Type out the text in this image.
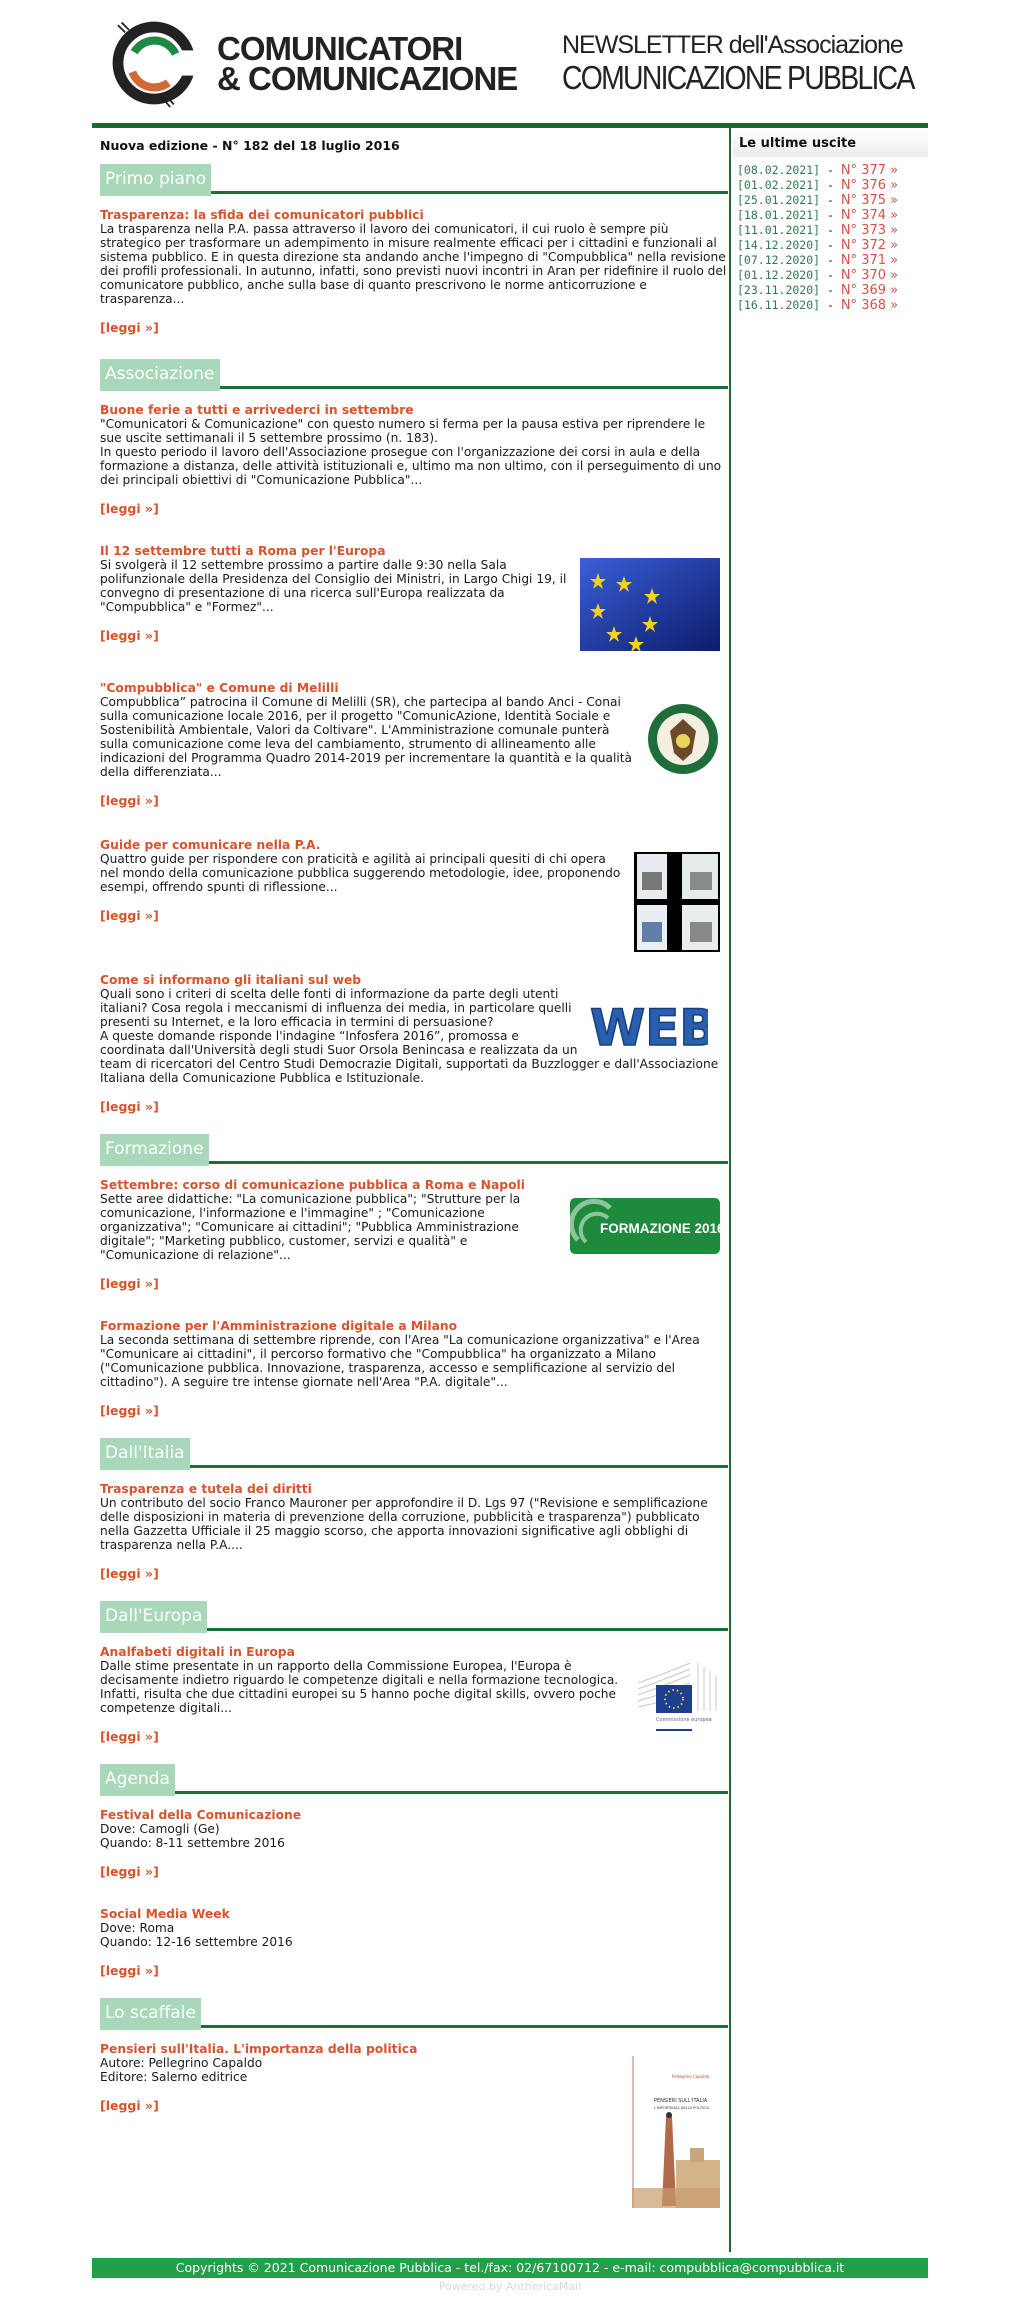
COMUNICATORI
& COMUNICAZIONE
NEWSLETTER dell'Associazione
COMUNICAZIONE PUBBLICA
Nuova edizione - N° 182 del 18 luglio 2016
Primo piano
Trasparenza: la sfida dei comunicatori pubblici
La trasparenza nella P.A. passa attraverso il lavoro dei comunicatori, il cui ruolo è sempre più strategico per trasformare un adempimento in misure realmente efficaci per i cittadini e funzionali al sistema pubblico. E in questa direzione sta andando anche l'impegno di "Compubblica" nella revisione dei profili professionali. In autunno, infatti, sono previsti nuovi incontri in Aran per ridefinire il ruolo del comunicatore pubblico, anche sulla base di quanto prescrivono le norme anticorruzione e trasparenza...
[leggi »]
Associazione
Buone ferie a tutti e arrivederci in settembre
"Comunicatori & Comunicazione" con questo numero si ferma per la pausa estiva per riprendere le sue uscite settimanali il 5 settembre prossimo (n. 183).
In questo periodo il lavoro dell'Associazione prosegue con l'organizzazione dei corsi in aula e della formazione a distanza, delle attività istituzionali e, ultimo ma non ultimo, con il perseguimento di uno dei principali obiettivi di "Comunicazione Pubblica"...
[leggi »]
Il 12 settembre tutti a Roma per l'Europa
Si svolgerà il 12 settembre prossimo a partire dalle 9:30 nella Sala polifunzionale della Presidenza del Consiglio dei Ministri, in Largo Chigi 19, il convegno di presentazione di una ricerca sull'Europa realizzata da "Compubblica" e "Formez"...
[leggi »]
"Compubblica" e Comune di Melilli
Compubblica” patrocina il Comune di Melilli (SR), che partecipa al bando Anci - Conai sulla comunicazione locale 2016, per il progetto "ComunicAzione, Identità Sociale e Sostenibilità Ambientale, Valori da Coltivare". L'Amministrazione comunale punterà sulla comunicazione come leva del cambiamento, strumento di allineamento alle indicazioni del Programma Quadro 2014-2019 per incrementare la quantità e la qualità della differenziata...
[leggi »]
Guide per comunicare nella P.A.
Quattro guide per rispondere con praticità e agilità ai principali quesiti di chi opera nel mondo della comunicazione pubblica suggerendo metodologie, idee, proponendo esempi, offrendo spunti di riflessione...
[leggi »]
Come si informano gli italiani sul web
WEB
Quali sono i criteri di scelta delle fonti di informazione da parte degli utenti italiani? Cosa regola i meccanismi di influenza dei media, in particolare quelli presenti su Internet, e la loro efficacia in termini di persuasione?
A queste domande risponde l'indagine “Infosfera 2016”, promossa e coordinata dall'Università degli studi Suor Orsola Benincasa e realizzata da un team di ricercatori del Centro Studi Democrazie Digitali, supportati da Buzzlogger e dall'Associazione Italiana della Comunicazione Pubblica e Istituzionale.
[leggi »]
Formazione
Settembre: corso di comunicazione pubblica a Roma e Napoli
FORMAZIONE 2016
Sette aree didattiche: "La comunicazione pubblica"; "Strutture per la comunicazione, l'informazione e l'immagine" ; "Comunicazione organizzativa"; "Comunicare ai cittadini"; "Pubblica Amministrazione digitale"; "Marketing pubblico, customer, servizi e qualità" e "Comunicazione di relazione"...
[leggi »]
Formazione per l'Amministrazione digitale a Milano
La seconda settimana di settembre riprende, con l'Area "La comunicazione organizzativa" e l'Area "Comunicare ai cittadini", il percorso formativo che "Compubblica" ha organizzato a Milano ("Comunicazione pubblica. Innovazione, trasparenza, accesso e semplificazione al servizio del cittadino"). A seguire tre intense giornate nell'Area "P.A. digitale"...
[leggi »]
Dall'Italia
Trasparenza e tutela dei diritti
Un contributo del socio Franco Mauroner per approfondire il D. Lgs 97 ("Revisione e semplificazione delle disposizioni in materia di prevenzione della corruzione, pubblicità e trasparenza") pubblicato nella Gazzetta Ufficiale il 25 maggio scorso, che apporta innovazioni significative agli obblighi di trasparenza nella P.A....
[leggi »]
Dall'Europa
Analfabeti digitali in Europa
Commissione europea
Dalle stime presentate in un rapporto della Commissione Europea, l'Europa è decisamente indietro riguardo le competenze digitali e nella formazione tecnologica. Infatti, risulta che due cittadini europei su 5 hanno poche digital skills, ovvero poche competenze digitali...
[leggi »]
Agenda
Festival della Comunicazione
Dove: Camogli (Ge)
Quando: 8-11 settembre 2016
[leggi »]
Social Media Week
Dove: Roma
Quando: 12-16 settembre 2016
[leggi »]
Lo scaffale
Pensieri sull'Italia. L'importanza della politica
Pellegrino Capaldo
PENSIERI SULL'ITALIA
L'IMPORTANZA DELLA POLITICA
Autore: Pellegrino Capaldo
Editore: Salerno editrice
[leggi »]
Le ultime uscite
[08.02.2021] - N° 377 »
[01.02.2021] - N° 376 »
[25.01.2021] - N° 375 »
[18.01.2021] - N° 374 »
[11.01.2021] - N° 373 »
[14.12.2020] - N° 372 »
[07.12.2020] - N° 371 »
[01.12.2020] - N° 370 »
[23.11.2020] - N° 369 »
[16.11.2020] - N° 368 »
Copyrights © 2021 Comunicazione Pubblica - tel./fax: 02/67100712 - e-mail: compubblica@compubblica.it
Powered by AnthericaMail
